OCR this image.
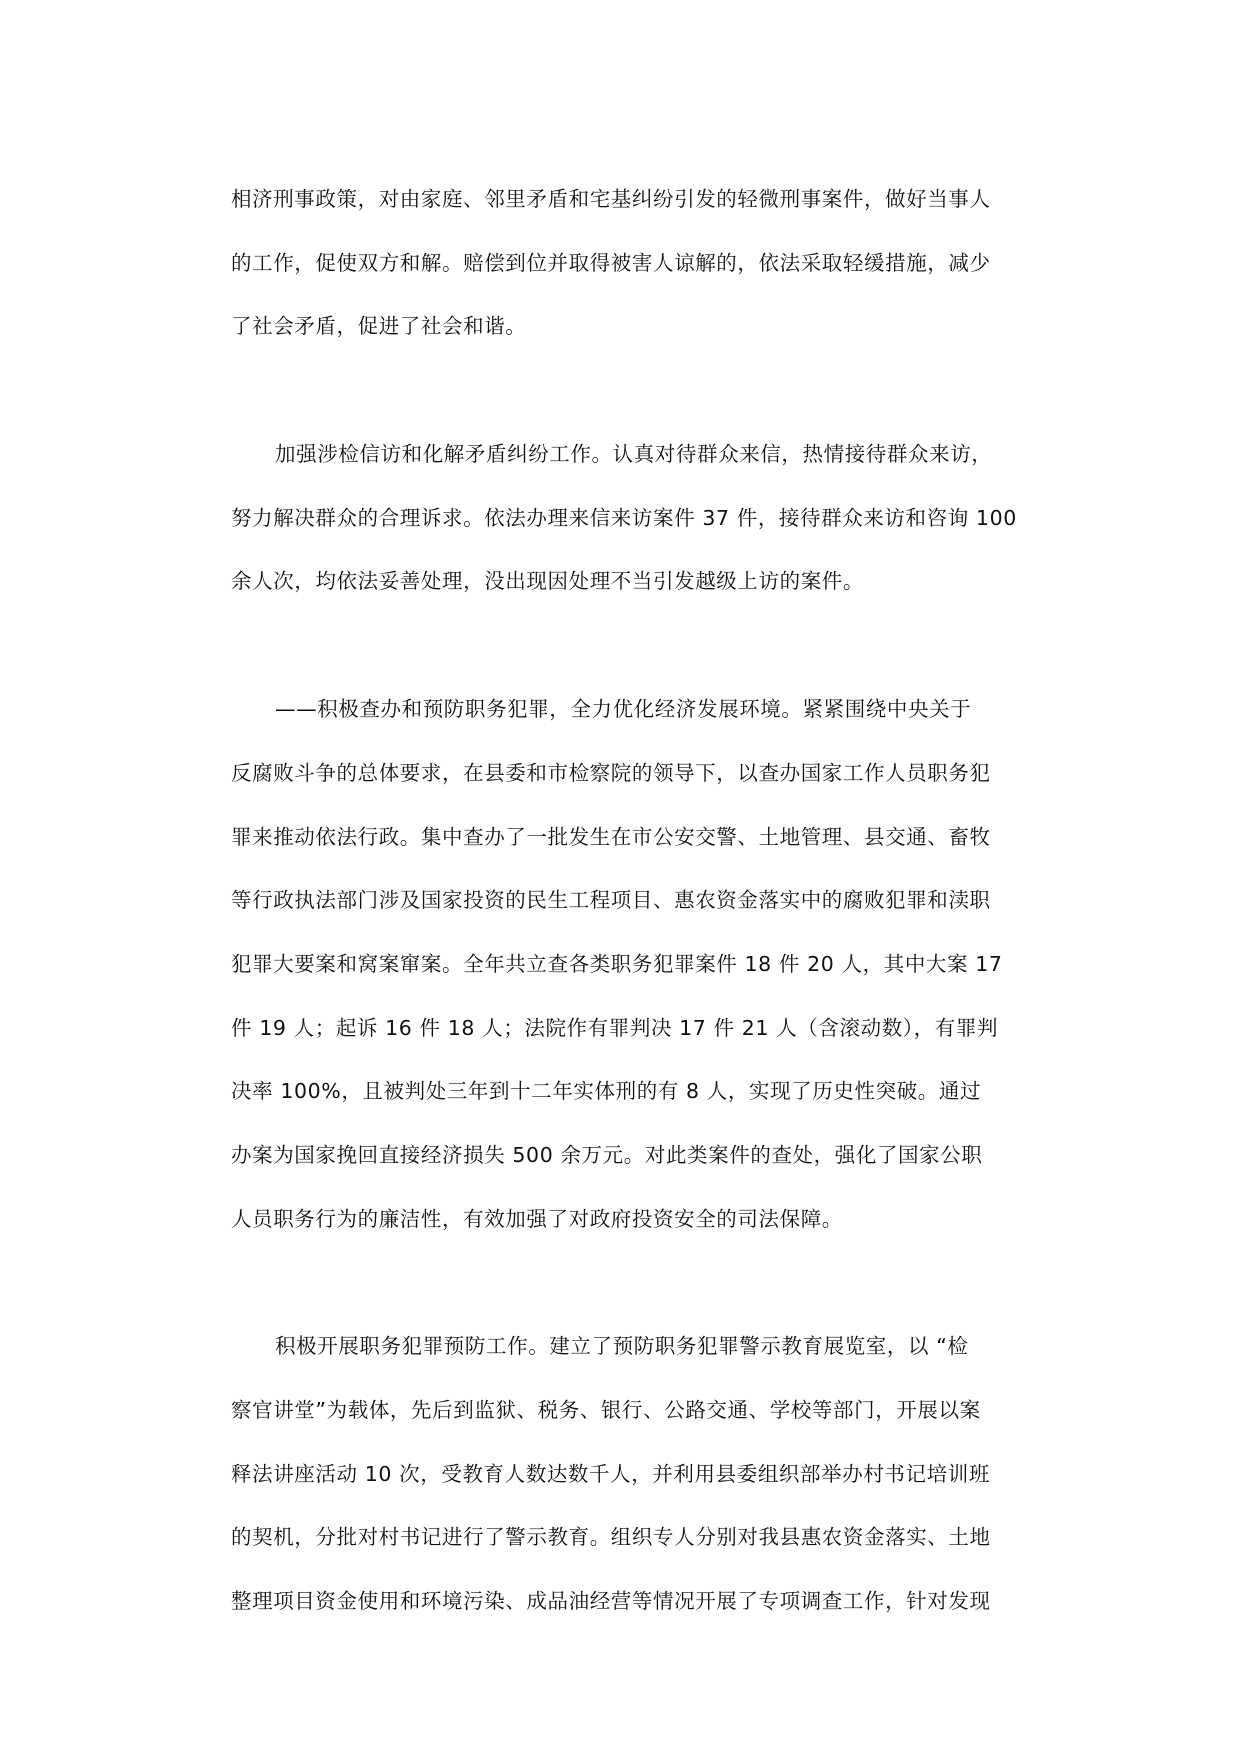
相济刑事政策，对由家庭、邻里矛盾和宅基纠纷引发的轻微刑事案件，做好当事人
的工作，促使双方和解。赔偿到位并取得被害人谅解的，依法采取轻缓措施，减少
了社会矛盾，促进了社会和谐。

加强涉检信访和化解矛盾纠纷工作。认真对待群众来信，热情接待群众来访，
努力解决群众的合理诉求。依法办理来信来访案件 37 件，接待群众来访和咨询 100
余人次，均依法妥善处理，没出现因处理不当引发越级上访的案件。

——积极查办和预防职务犯罪，全力优化经济发展环境。紧紧围绕中央关于
反腐败斗争的总体要求，在县委和市检察院的领导下，以查办国家工作人员职务犯
罪来推动依法行政。集中查办了一批发生在市公安交警、土地管理、县交通、畜牧
等行政执法部门涉及国家投资的民生工程项目、惠农资金落实中的腐败犯罪和渎职
犯罪大要案和窝案窜案。全年共立查各类职务犯罪案件 18 件 20 人，其中大案 17
件 19 人；起诉 16 件 18 人；法院作有罪判决 17 件 21 人（含滚动数），有罪判
决率 100%，且被判处三年到十二年实体刑的有 8 人，实现了历史性突破。通过
办案为国家挽回直接经济损失 500 余万元。对此类案件的查处，强化了国家公职
人员职务行为的廉洁性，有效加强了对政府投资安全的司法保障。

积极开展职务犯罪预防工作。建立了预防职务犯罪警示教育展览室，以 “检
察官讲堂”为载体，先后到监狱、税务、银行、公路交通、学校等部门，开展以案
释法讲座活动 10 次，受教育人数达数千人，并利用县委组织部举办村书记培训班
的契机，分批对村书记进行了警示教育。组织专人分别对我县惠农资金落实、土地
整理项目资金使用和环境污染、成品油经营等情况开展了专项调查工作，针对发现
